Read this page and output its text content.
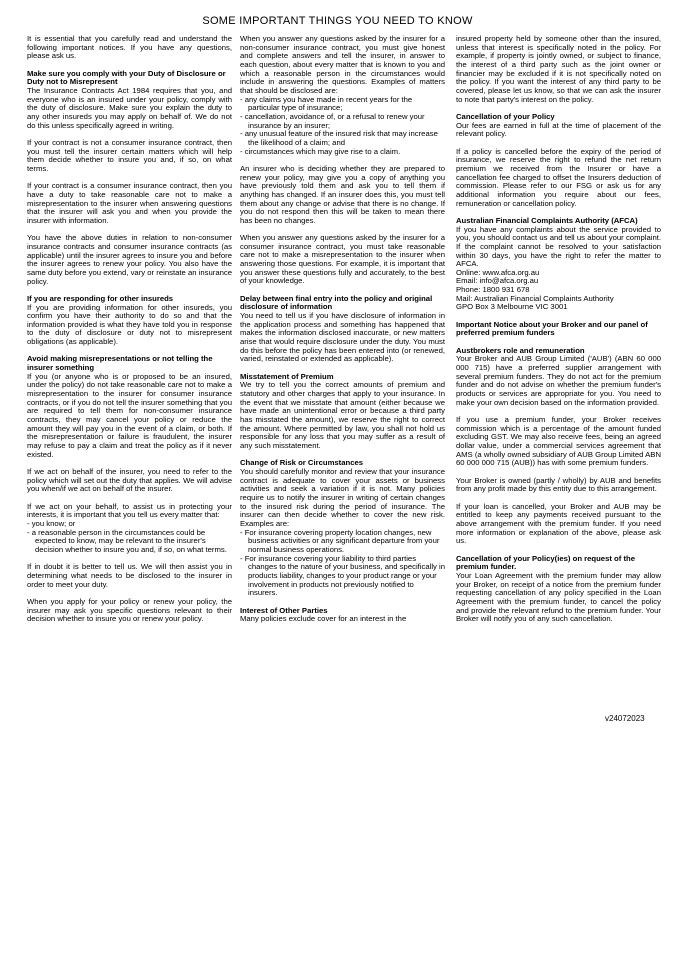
SOME IMPORTANT THINGS YOU NEED TO KNOW

It is essential that you carefully read and understand the following important notices. If you have any questions, please ask us.

Make sure you comply with your Duty of Disclosure or Duty not to Misrepresent

The Insurance Contracts Act 1984 requires that you, and everyone who is an insured under your policy, comply with the duty of disclosure. Make sure you explain the duty to any other insureds you may apply on behalf of. We do not do this unless specifically agreed in writing.

If your contract is not a consumer insurance contract, then you must tell the insurer certain matters which will help them decide whether to insure you and, if so, on what terms.

If your contract is a consumer insurance contract, then you have a duty to take reasonable care not to make a misrepresentation to the insurer when answering questions that the insurer will ask you and when you provide the insurer with information.

You have the above duties in relation to non-consumer insurance contracts and consumer insurance contracts (as applicable) until the insurer agrees to insure you and before the insurer agrees to renew your policy. You also have the same duty before you extend, vary or reinstate an insurance policy.

If you are responding for other insureds

If you are providing information for other insureds, you confirm you have their authority to do so and that the information provided is what they have told you in response to the duty of disclosure or duty not to misrepresent obligations (as applicable).

Avoid making misrepresentations or not telling the insurer something

If you (or anyone who is or proposed to be an insured, under the policy) do not take reasonable care not to make a misrepresentation to the insurer for consumer insurance contracts, or if you do not tell the insurer something that you are required to tell them for non-consumer insurance contracts, they may cancel your policy or reduce the amount they will pay you in the event of a claim, or both. If the misrepresentation or failure is fraudulent, the insurer may refuse to pay a claim and treat the policy as if it never existed.

If we act on behalf of the insurer, you need to refer to the policy which will set out the duty that applies. We will advise you when/if we act on behalf of the insurer.

If we act on your behalf, to assist us in protecting your interests, it is important that you tell us every matter that:

- you know; or
- a reasonable person in the circumstances could be expected to know, may be relevant to the insurer's decision whether to insure you and, if so, on what terms.

If in doubt it is better to tell us. We will then assist you in determining what needs to be disclosed to the insurer in order to meet your duty.

When you apply for your policy or renew your policy, the insurer may ask you specific questions relevant to their decision whether to insure you or renew your policy.

When you answer any questions asked by the insurer for a non-consumer insurance contract, you must give honest and complete answers and tell the insurer, in answer to each question, about every matter that is known to you and which a reasonable person in the circumstances would include in answering the questions. Examples of matters that should be disclosed are:

- any claims you have made in recent years for the particular type of insurance;
- cancellation, avoidance of, or a refusal to renew your insurance by an insurer;
- any unusual feature of the insured risk that may increase the likelihood of a claim; and
- circumstances which may give rise to a claim.

An insurer who is deciding whether they are prepared to renew your policy, may give you a copy of anything you have previously told them and ask you to tell them if anything has changed. If an insurer does this, you must tell them about any change or advise that there is no change. If you do not respond then this will be taken to mean there has been no changes.

When you answer any questions asked by the insurer for a consumer insurance contract, you must take reasonable care not to make a misrepresentation to the insurer when answering those questions. For example, it is important that you answer these questions fully and accurately, to the best of your knowledge.

Delay between final entry into the policy and original disclosure of information

You need to tell us if you have disclosure of information in the application process and something has happened that makes the information disclosed inaccurate, or new matters arise that would require disclosure under the duty. You must do this before the policy has been entered into (or renewed, varied, reinstated or extended as applicable).

Misstatement of Premium

We try to tell you the correct amounts of premium and statutory and other charges that apply to your insurance. In the event that we misstate that amount (either because we have made an unintentional error or because a third party has misstated the amount), we reserve the right to correct the amount. Where permitted by law, you shall not hold us responsible for any loss that you may suffer as a result of any such misstatement.

Change of Risk or Circumstances

You should carefully monitor and review that your insurance contract is adequate to cover your assets or business activities and seek a variation if it is not. Many policies require us to notify the insurer in writing of certain changes to the insured risk during the period of insurance. The insurer can then decide whether to cover the new risk. Examples are:

- For insurance covering property location changes, new business activities or any significant departure from your normal business operations.
- For insurance covering your liability to third parties changes to the nature of your business, and specifically in products liability, changes to your product range or your involvement in products not previously notified to insurers.
Interest of Other Parties

Many policies exclude cover for an interest in the

insured property held by someone other than the insured, unless that interest is specifically noted in the policy. For example, if property is jointly owned, or subject to finance, the interest of a third party such as the joint owner or financier may be excluded if it is not specifically noted on the policy. If you want the interest of any third party to be covered, please let us know, so that we can ask the insurer to note that party's interest on the policy.

Cancellation of your Policy

Our fees are earned in full at the time of placement of the relevant policy.

If a policy is cancelled before the expiry of the period of insurance, we reserve the right to refund the net return premium we received from the Insurer or have a cancellation fee charged to offset the Insurers deduction of commission. Please refer to our FSG or ask us for any additional information you require about our fees, remuneration or cancellation policy.

Australian Financial Complaints Authority (AFCA)

If you have any complaints about the service provided to you, you should contact us and tell us about your complaint. If the complaint cannot be resolved to your satisfaction within 30 days, you have the right to refer the matter to AFCA.

Online: www.afca.org.au
Email: info@afca.org.au
Phone: 1800 931 678
Mail: Australian Financial Complaints Authority
GPO Box 3 Melbourne VIC 3001
Important Notice about your Broker and our panel of preferred premium funders
Austbrokers role and remuneration

Your Broker and AUB Group Limited ('AUB') (ABN 60 000 000 715) have a preferred supplier arrangement with several premium funders. They do not act for the premium funder and do not advise on whether the premium funder's products or services are appropriate for you. You need to make your own decision based on the information provided.

If you use a premium funder, your Broker receives commission which is a percentage of the amount funded excluding GST. We may also receive fees, being an agreed dollar value, under a commercial services agreement that AMS (a wholly owned subsidiary of AUB Group Limited ABN 60 000 000 715 (AUB)) has with some premium funders.

Your Broker is owned (partly / wholly) by AUB and benefits from any profit made by this entity due to this arrangement.

If your loan is cancelled, your Broker and AUB may be entitled to keep any payments received pursuant to the above arrangement with the premium funder. If you need more information or explanation of the above, please ask us.

Cancellation of your Policy(ies) on request of the premium funder.

Your Loan Agreement with the premium funder may allow your Broker, on receipt of a notice from the premium funder requesting cancellation of any policy specified in the Loan Agreement with the premium funder, to cancel the policy and provide the relevant refund to the premium funder. Your Broker will notify you of any such cancellation.

v24072023
